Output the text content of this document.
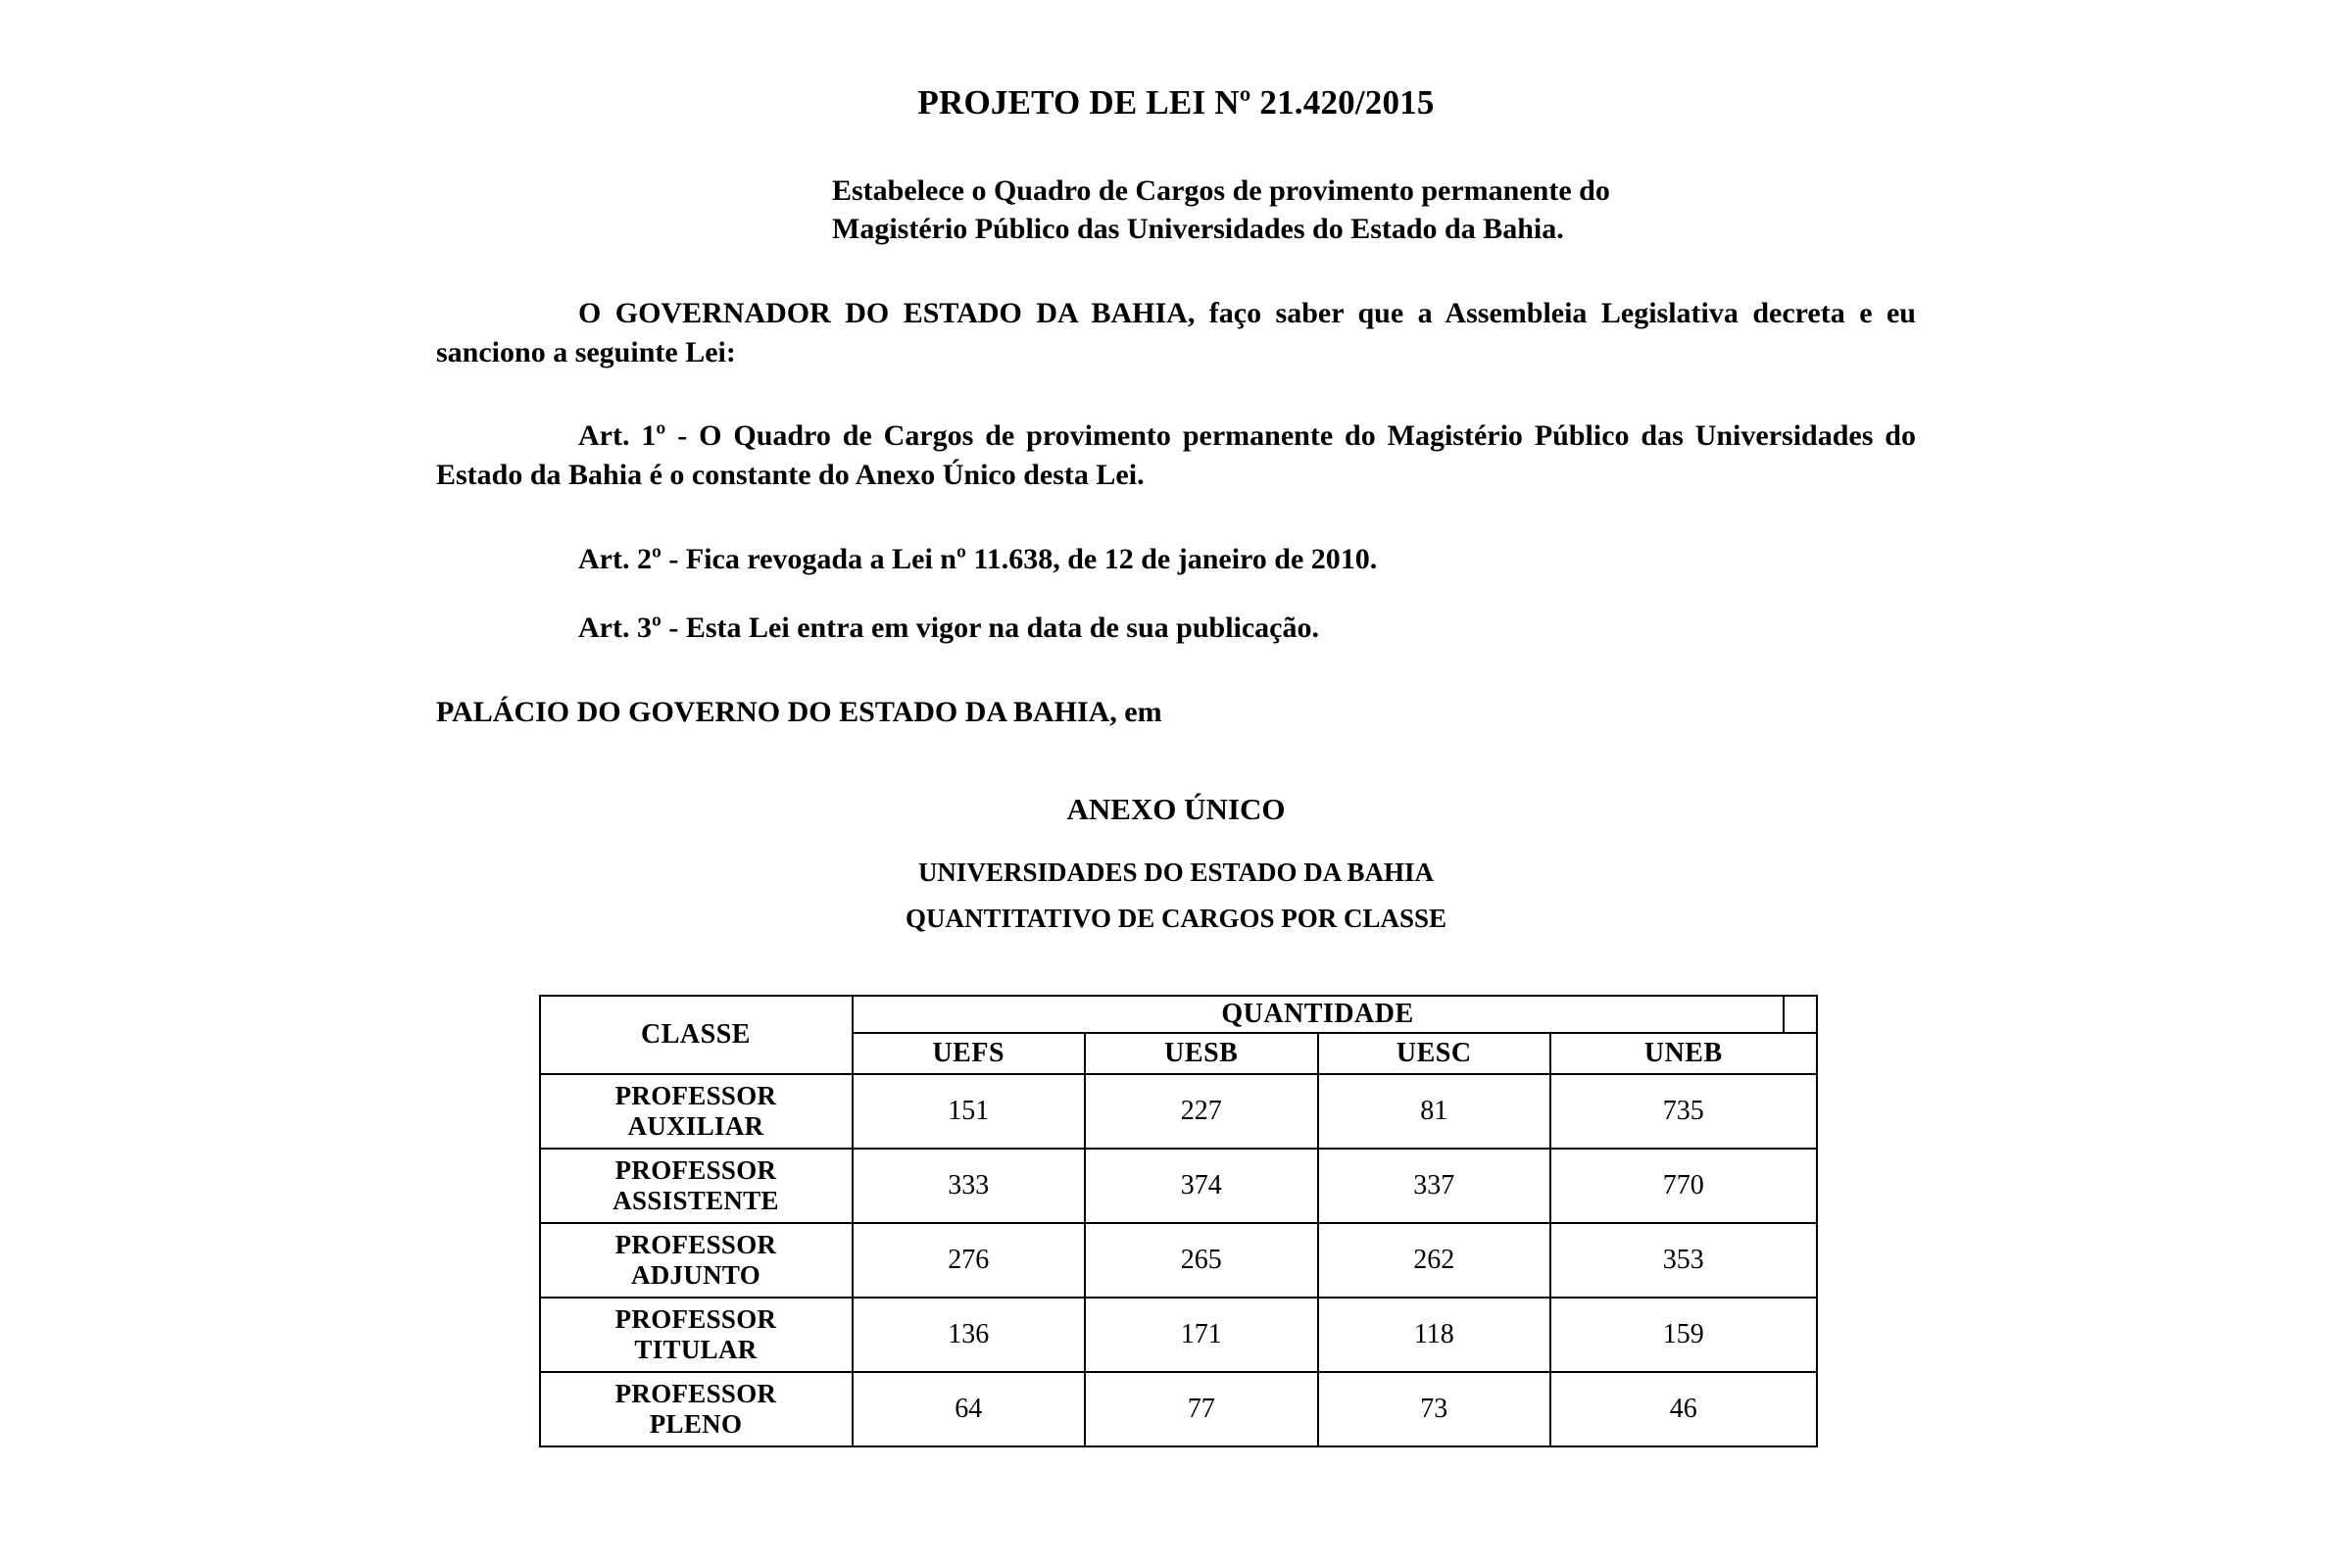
PROJETO DE LEI Nº 21.420/2015
Estabelece o Quadro de Cargos de provimento permanente do
Magistério Público das Universidades do Estado da Bahia.

O GOVERNADOR DO ESTADO DA BAHIA, faço saber que a Assembleia Legislativa decreta e eu sanciono a seguinte Lei:

Art. 1º - O Quadro de Cargos de provimento permanente do Magistério Público das Universidades do Estado da Bahia é o constante do Anexo Único desta Lei.

Art. 2º - Fica revogada a Lei nº 11.638, de 12 de janeiro de 2010.

Art. 3º - Esta Lei entra em vigor na data de sua publicação.

PALÁCIO DO GOVERNO DO ESTADO DA BAHIA, em

ANEXO ÚNICO
UNIVERSIDADES DO ESTADO DA BAHIA
QUANTITATIVO DE CARGOS POR CLASSE
CLASSE	QUANTIDADE				
	UEFS	UESB	UESC	UNEB	

PROFESSOR
AUXILIAR	151	227	81	735	

PROFESSOR
ASSISTENTE	333	374	337	770	

PROFESSOR
ADJUNTO	276	265	262	353	

PROFESSOR
TITULAR	136	171	118	159	

PROFESSOR
PLENO	64	77	73	46	
